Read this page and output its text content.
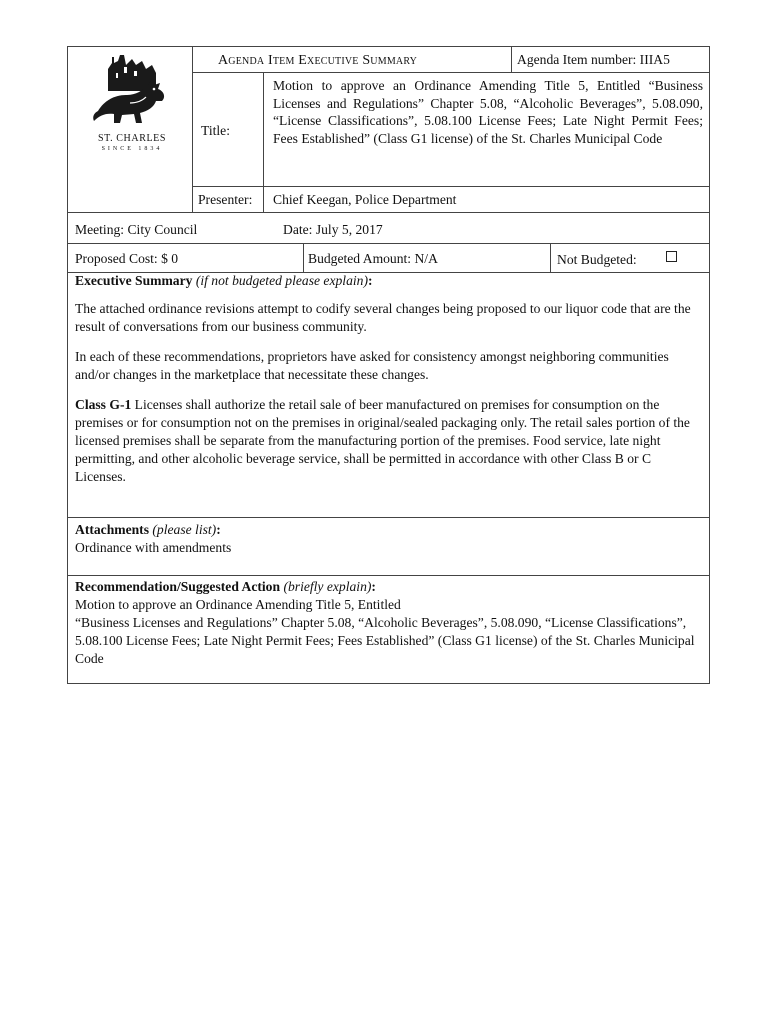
ST. CHARLES
SINCE 1834
Agenda Item Executive Summary	Agenda Item number: IIIA5
Title:
Motion to approve an Ordinance Amending Title 5, Entitled “Business Licenses and Regulations” Chapter 5.08, “Alcoholic Beverages”, 5.08.090, “License Classifications”, 5.08.100 License Fees; Late Night Permit Fees; Fees Established” (Class G1 license) of the St. Charles Municipal Code
Presenter: Chief Keegan, Police Department
Meeting: City Council	Date: July 5, 2017
Proposed Cost: $ 0	Budgeted Amount: N/A	Not Budgeted:
Executive Summary (if not budgeted please explain):

The attached ordinance revisions attempt to codify several changes being proposed to our liquor code that are the result of conversations from our business community.

In each of these recommendations, proprietors have asked for consistency amongst neighboring communities and/or changes in the marketplace that necessitate these changes.

Class G-1 Licenses shall authorize the retail sale of beer manufactured on premises for consumption on the premises or for consumption not on the premises in original/sealed packaging only. The retail sales portion of the licensed premises shall be separate from the manufacturing portion of the premises. Food service, late night permitting, and other alcoholic beverage service, shall be permitted in accordance with other Class B or C Licenses.

Attachments (please list):
Ordinance with amendments
Recommendation/Suggested Action (briefly explain):
Motion to approve an Ordinance Amending Title 5, Entitled
“Business Licenses and Regulations” Chapter 5.08, “Alcoholic Beverages”, 5.08.090, “License Classifications”, 5.08.100 License Fees; Late Night Permit Fees; Fees Established” (Class G1 license) of the St. Charles Municipal Code
